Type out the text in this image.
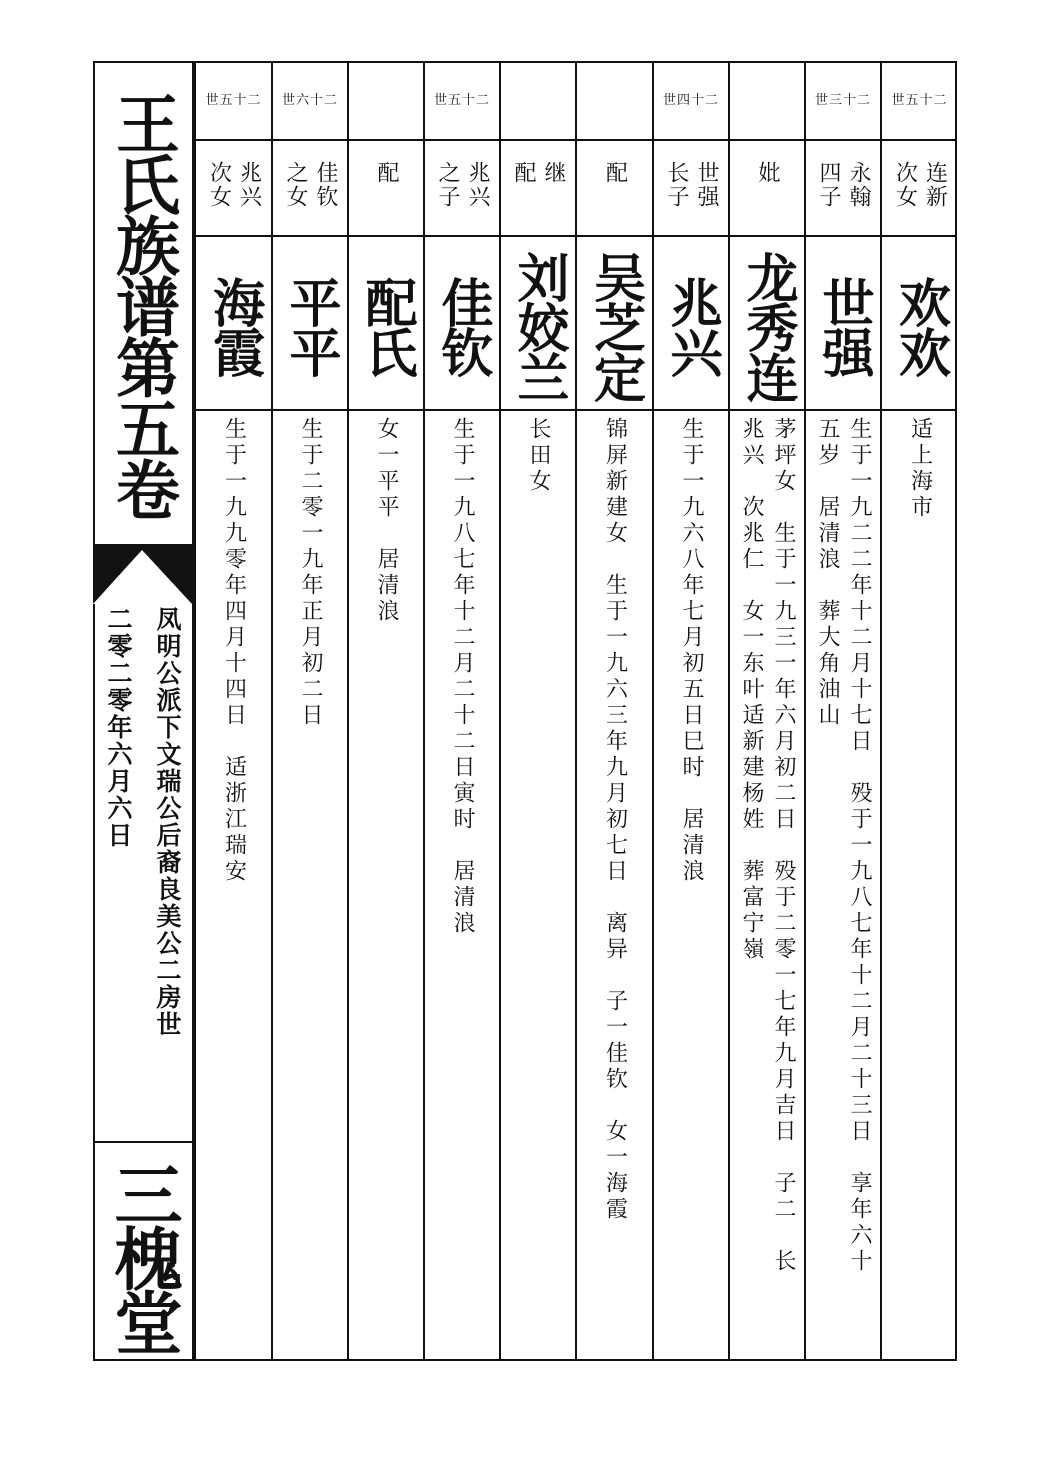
王氏族谱第五卷
凤明公派下文瑞公后裔良美公二房世
二零二零年六月六日
三槐堂
世五十二
兆兴
次女
海霞
生于一九九零年四月十四日　适浙江瑞安
世六十二
佳钦
之女
平平
生于二零一九年正月初二日
配
配氏
女一平平　居清浪
世五十二
兆兴
之子
佳钦
生于一九八七年十二月二十二日寅时　居清浪
继
配
刘姣兰
长田女
配
吴芝定
锦屏新建女　生于一九六三年九月初七日　离异　子一佳钦　女一海霞
世四十二
世强
长子
兆兴
生于一九六八年七月初五日巳时　居清浪
妣
龙秀连
茅坪女　生于一九三一年六月初二日　殁于二零一七年九月吉日　子二　长
兆兴　次兆仁　女一东叶适新建杨姓　葬富宁嶺
世三十二
永翰
四子
世强
生于一九二二年十二月十七日　殁于一九八七年十二月二十三日　享年六十
五岁　居清浪　葬大角油山
世五十二
连新
次女
欢欢
适上海市
